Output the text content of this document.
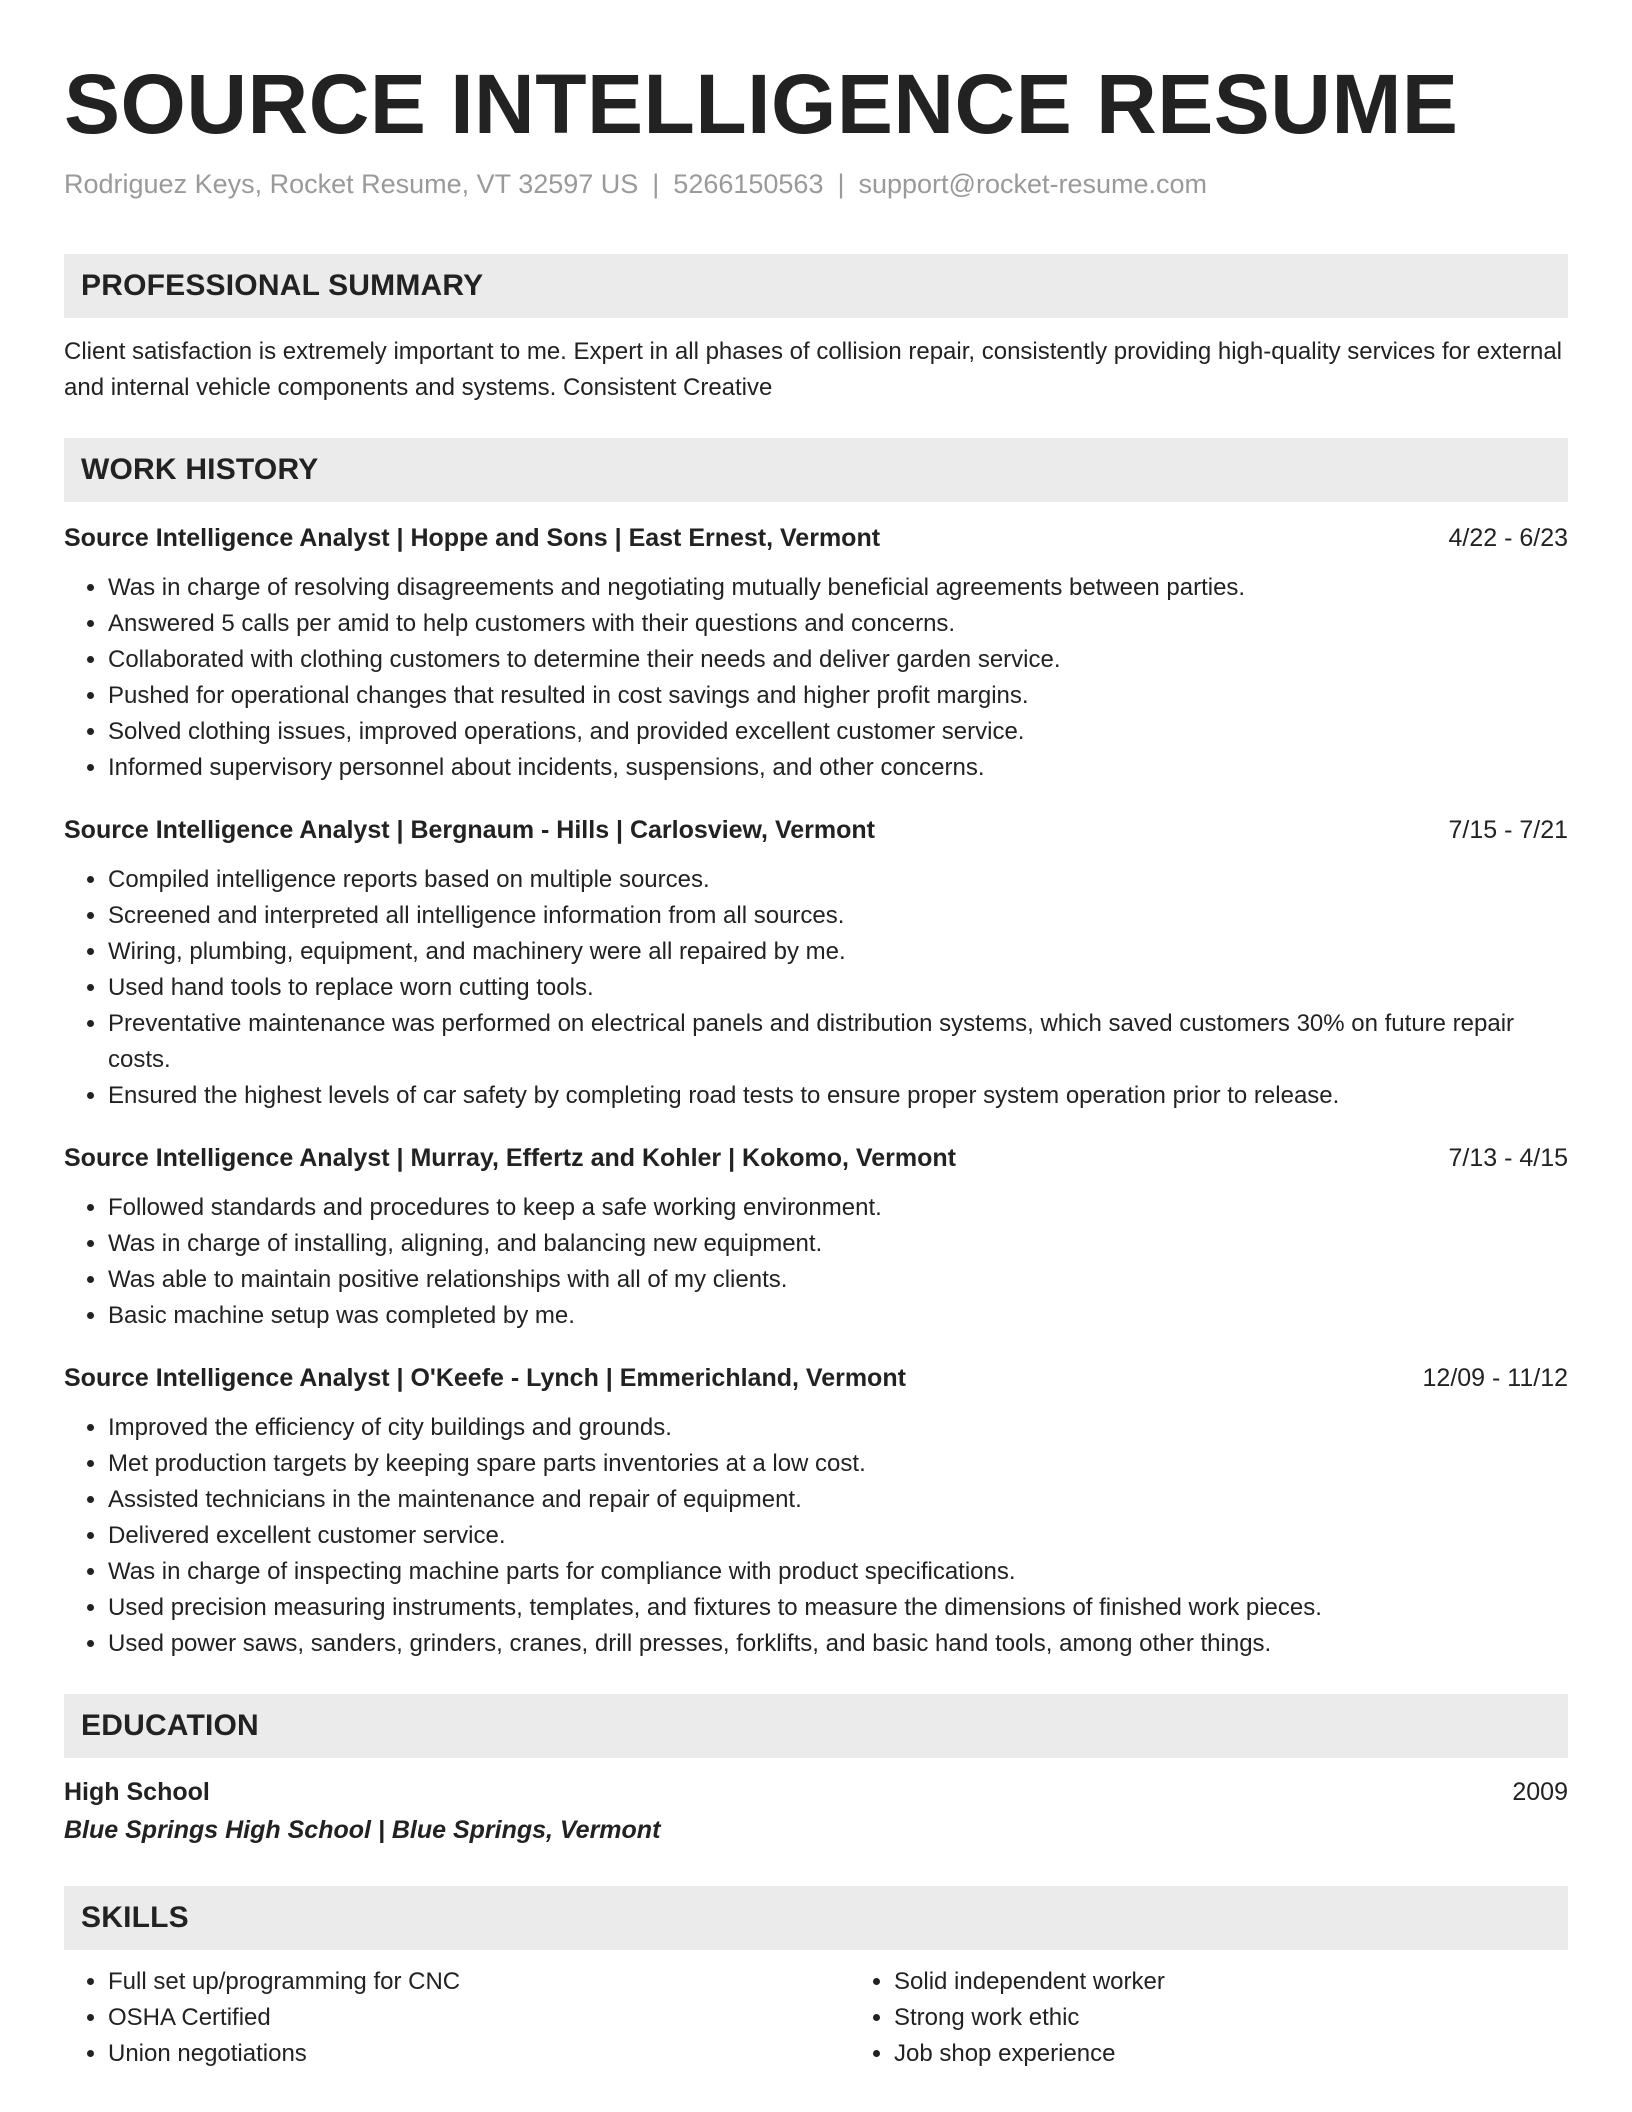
SOURCE INTELLIGENCE RESUME
Rodriguez Keys, Rocket Resume, VT 32597 US | 5266150563 | support@rocket-resume.com
PROFESSIONAL SUMMARY
Client satisfaction is extremely important to me. Expert in all phases of collision repair, consistently providing high-quality services for external and internal vehicle components and systems. Consistent Creative
WORK HISTORY
Source Intelligence Analyst | Hoppe and Sons | East Ernest, Vermont	4/22 - 6/23
• Was in charge of resolving disagreements and negotiating mutually beneficial agreements between parties.
• Answered 5 calls per amid to help customers with their questions and concerns.
• Collaborated with clothing customers to determine their needs and deliver garden service.
• Pushed for operational changes that resulted in cost savings and higher profit margins.
• Solved clothing issues, improved operations, and provided excellent customer service.
• Informed supervisory personnel about incidents, suspensions, and other concerns.
Source Intelligence Analyst | Bergnaum - Hills | Carlosview, Vermont	7/15 - 7/21
• Compiled intelligence reports based on multiple sources.
• Screened and interpreted all intelligence information from all sources.
• Wiring, plumbing, equipment, and machinery were all repaired by me.
• Used hand tools to replace worn cutting tools.
• Preventative maintenance was performed on electrical panels and distribution systems, which saved customers 30% on future repair costs.
• Ensured the highest levels of car safety by completing road tests to ensure proper system operation prior to release.
Source Intelligence Analyst | Murray, Effertz and Kohler | Kokomo, Vermont	7/13 - 4/15
• Followed standards and procedures to keep a safe working environment.
• Was in charge of installing, aligning, and balancing new equipment.
• Was able to maintain positive relationships with all of my clients.
• Basic machine setup was completed by me.
Source Intelligence Analyst | O'Keefe - Lynch | Emmerichland, Vermont	12/09 - 11/12
• Improved the efficiency of city buildings and grounds.
• Met production targets by keeping spare parts inventories at a low cost.
• Assisted technicians in the maintenance and repair of equipment.
• Delivered excellent customer service.
• Was in charge of inspecting machine parts for compliance with product specifications.
• Used precision measuring instruments, templates, and fixtures to measure the dimensions of finished work pieces.
• Used power saws, sanders, grinders, cranes, drill presses, forklifts, and basic hand tools, among other things.
EDUCATION
High School	2009
Blue Springs High School | Blue Springs, Vermont
SKILLS
• Full set up/programming for CNC
• OSHA Certified
• Union negotiations
• Solid independent worker
• Strong work ethic
• Job shop experience
